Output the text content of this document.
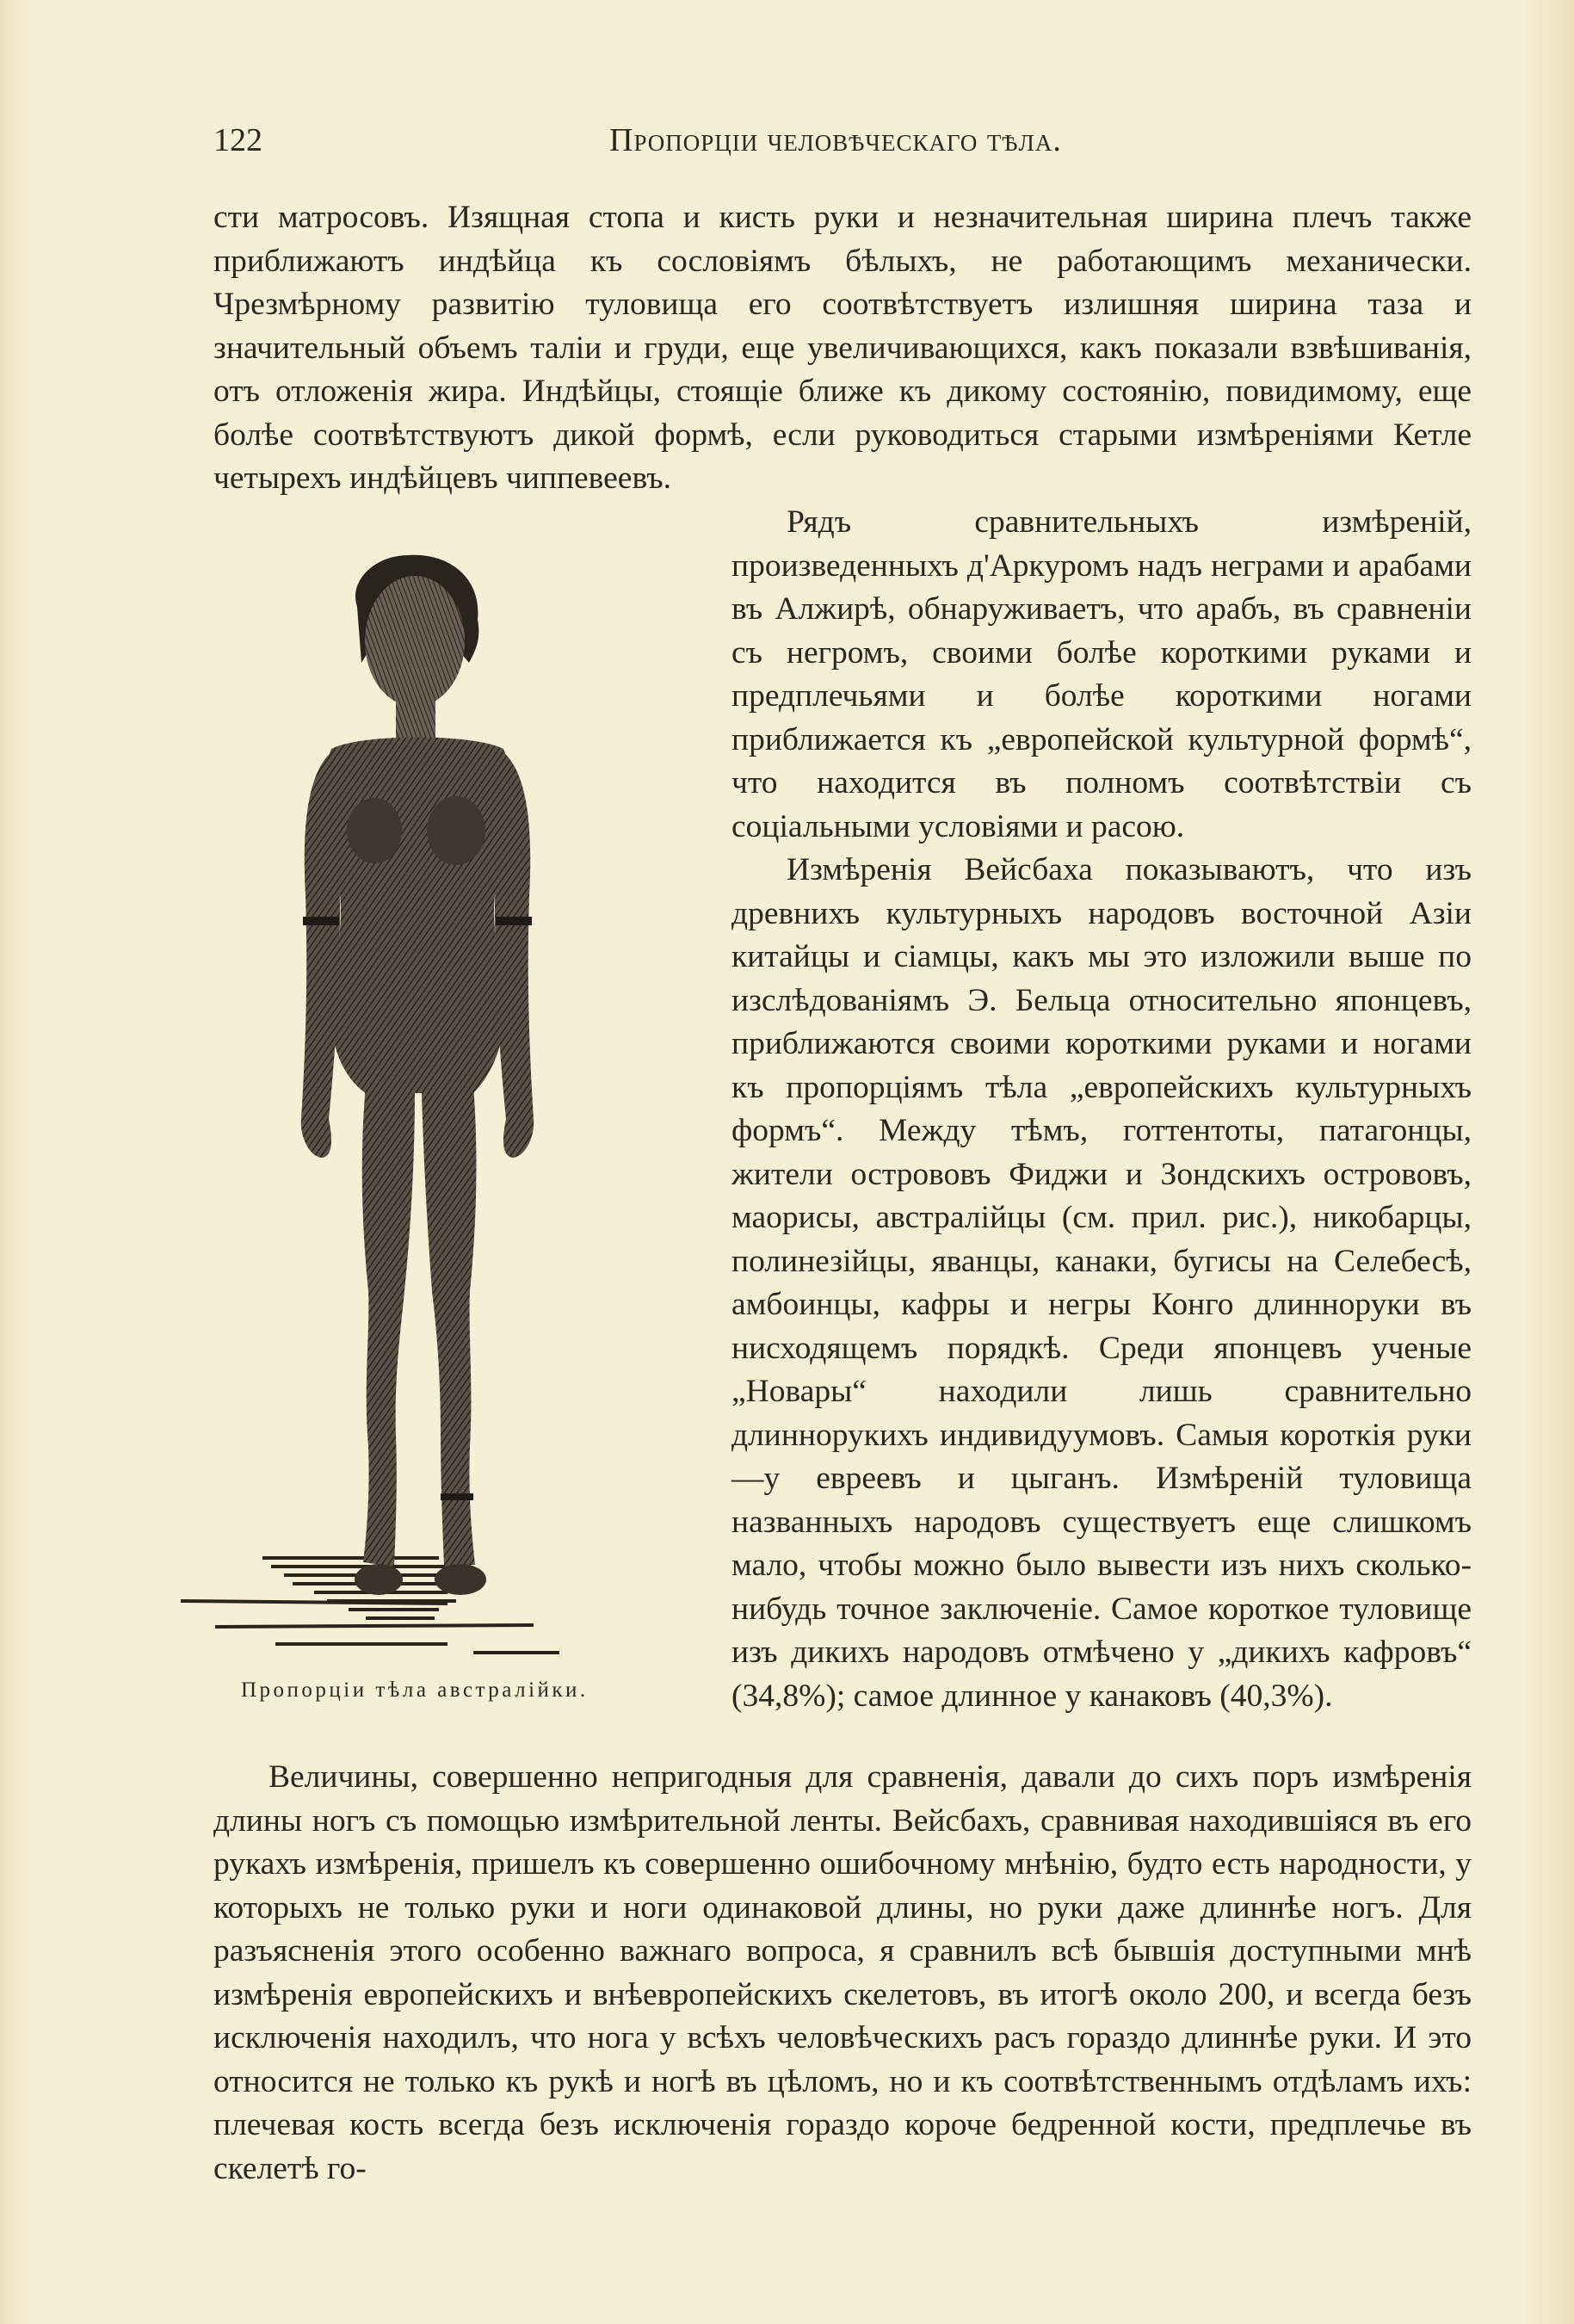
122	Пропорціи человѣческаго тѣла.

сти матросовъ. Изящная стопа и кисть руки и незначительная ширина плечъ также приближаютъ индѣйца къ сословіямъ бѣлыхъ, не работающимъ механически. Чрезмѣрному развитію туловища его соотвѣтствуетъ излишняя ширина таза и значительный объемъ таліи и груди, еще увеличивающихся, какъ показали взвѣшиванія, отъ отложенія жира. Индѣйцы, стоящіе ближе къ дикому состоянію, повидимому, еще болѣе соотвѣтствуютъ дикой формѣ, если руководиться старыми измѣреніями Кетле четырехъ индѣйцевъ чиппевеевъ.

Пропорціи тѣла австралійки.

Рядъ сравнительныхъ измѣреній, произведенныхъ д'Аркуромъ надъ неграми и арабами въ Алжирѣ, обнаруживаетъ, что арабъ, въ сравненіи съ негромъ, своими болѣе короткими руками и предплечьями и болѣе короткими ногами приближается къ „европейской культурной формѣ“, что находится въ полномъ соотвѣтствіи съ соціальными условіями и расою.

Измѣренія Вейсбаха показываютъ, что изъ древнихъ культурныхъ народовъ восточной Азіи китайцы и сіамцы, какъ мы это изложили выше по изслѣдованіямъ Э. Бельца относительно японцевъ, приближаются своими короткими руками и ногами къ пропорціямъ тѣла „европейскихъ культурныхъ формъ“. Между тѣмъ, готтентоты, патагонцы, жители острововъ Фиджи и Зондскихъ острововъ, маорисы, австралійцы (см. прил. рис.), никобарцы, полинезійцы, яванцы, канаки, бугисы на Селебесѣ, амбоинцы, кафры и негры Конго длинноруки въ нисходящемъ порядкѣ. Среди японцевъ ученые „Новары“ находили лишь сравнительно длиннорукихъ индивидуумовъ. Самыя короткія руки—у евреевъ и цыганъ. Измѣреній туловища названныхъ народовъ существуетъ еще слишкомъ мало, чтобы можно было вывести изъ нихъ сколько-нибудь точное заключеніе. Самое короткое туловище изъ дикихъ народовъ отмѣчено у „дикихъ кафровъ“ (34,8%); самое длинное у канаковъ (40,3%).

Величины, совершенно непригодныя для сравненія, давали до сихъ поръ измѣренія длины ногъ съ помощью измѣрительной ленты. Вейсбахъ, сравнивая находившіяся въ его рукахъ измѣренія, пришелъ къ совершенно ошибочному мнѣнію, будто есть народности, у которыхъ не только руки и ноги одинаковой длины, но руки даже длиннѣе ногъ. Для разъясненія этого особенно важнаго вопроса, я сравнилъ всѣ бывшія доступными мнѣ измѣренія европейскихъ и внѣевропейскихъ скелетовъ, въ итогѣ около 200, и всегда безъ исключенія находилъ, что нога у всѣхъ человѣческихъ расъ гораздо длиннѣе руки. И это относится не только къ рукѣ и ногѣ въ цѣломъ, но и къ соотвѣтственнымъ отдѣламъ ихъ: плечевая кость всегда безъ исключенія гораздо короче бедренной кости, предплечье въ скелетѣ го-
